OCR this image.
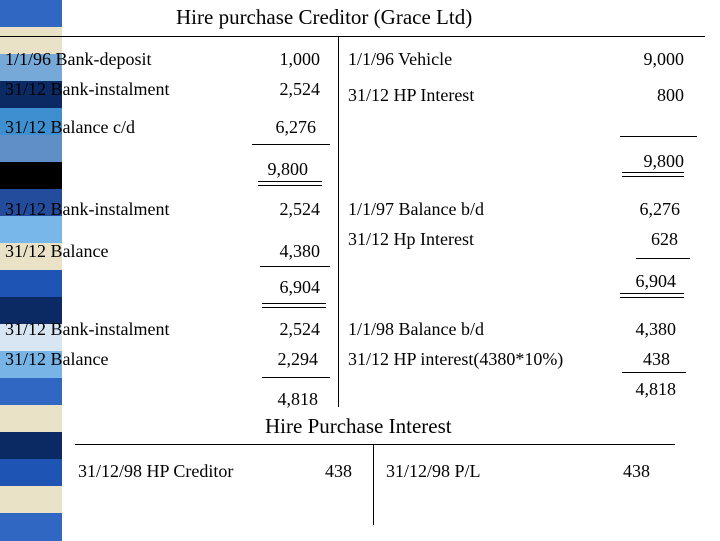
Hire purchase Creditor (Grace Ltd)
1/1/96 Bank-deposit	1,000
31/12 Bank-instalment	2,524
31/12 Balance c/d	6,276
9,800
1/1/96 Vehicle	9,000
31/12 HP Interest	800
9,800
31/12 Bank-instalment	2,524
31/12 Balance	4,380
6,904
1/1/97 Balance b/d	6,276
31/12 Hp Interest	628
6,904
31/12 Bank-instalment	2,524
31/12 Balance	2,294
4,818
1/1/98 Balance b/d	4,380
31/12 HP interest(4380*10%)	438
4,818
Hire Purchase Interest
31/12/98 HP Creditor	438 31/12/98 P/L	438
